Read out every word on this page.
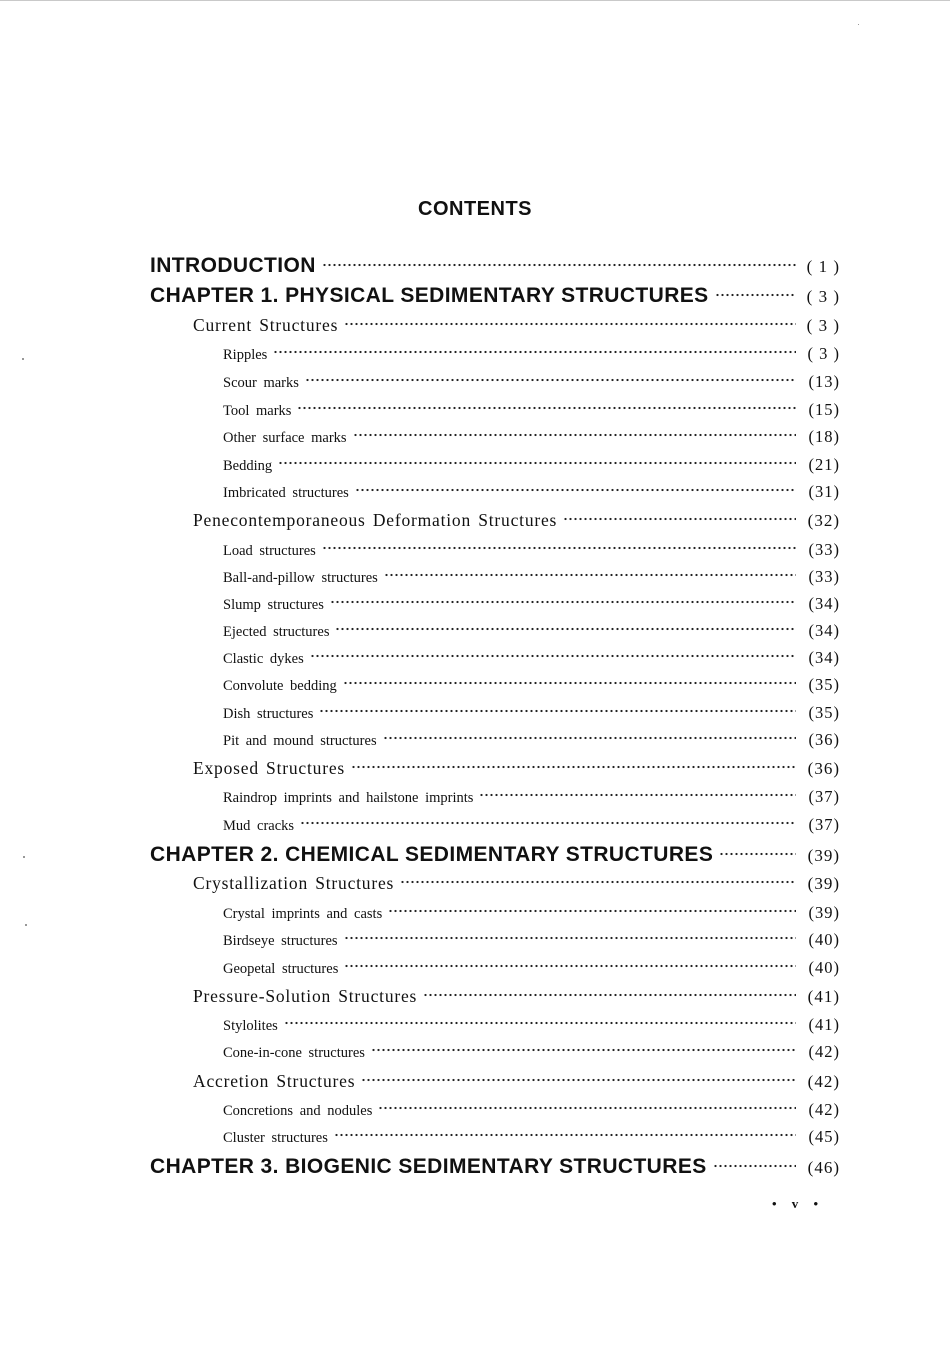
CONTENTS
INTRODUCTION	( 1 )
CHAPTER 1. PHYSICAL SEDIMENTARY STRUCTURES	( 3 )
Current Structures	( 3 )
Ripples	( 3 )
Scour marks	(13)
Tool marks	(15)
Other surface marks	(18)
Bedding	(21)
Imbricated structures	(31)
Penecontemporaneous Deformation Structures	(32)
Load structures	(33)
Ball-and-pillow structures	(33)
Slump structures	(34)
Ejected structures	(34)
Clastic dykes	(34)
Convolute bedding	(35)
Dish structures	(35)
Pit and mound structures	(36)
Exposed Structures	(36)
Raindrop imprints and hailstone imprints	(37)
Mud cracks	(37)
CHAPTER 2. CHEMICAL SEDIMENTARY STRUCTURES	(39)
Crystallization Structures	(39)
Crystal imprints and casts	(39)
Birdseye structures	(40)
Geopetal structures	(40)
Pressure-Solution Structures	(41)
Stylolites	(41)
Cone-in-cone structures	(42)
Accretion Structures	(42)
Concretions and nodules	(42)
Cluster structures	(45)
CHAPTER 3. BIOGENIC SEDIMENTARY STRUCTURES	(46)
• v •
